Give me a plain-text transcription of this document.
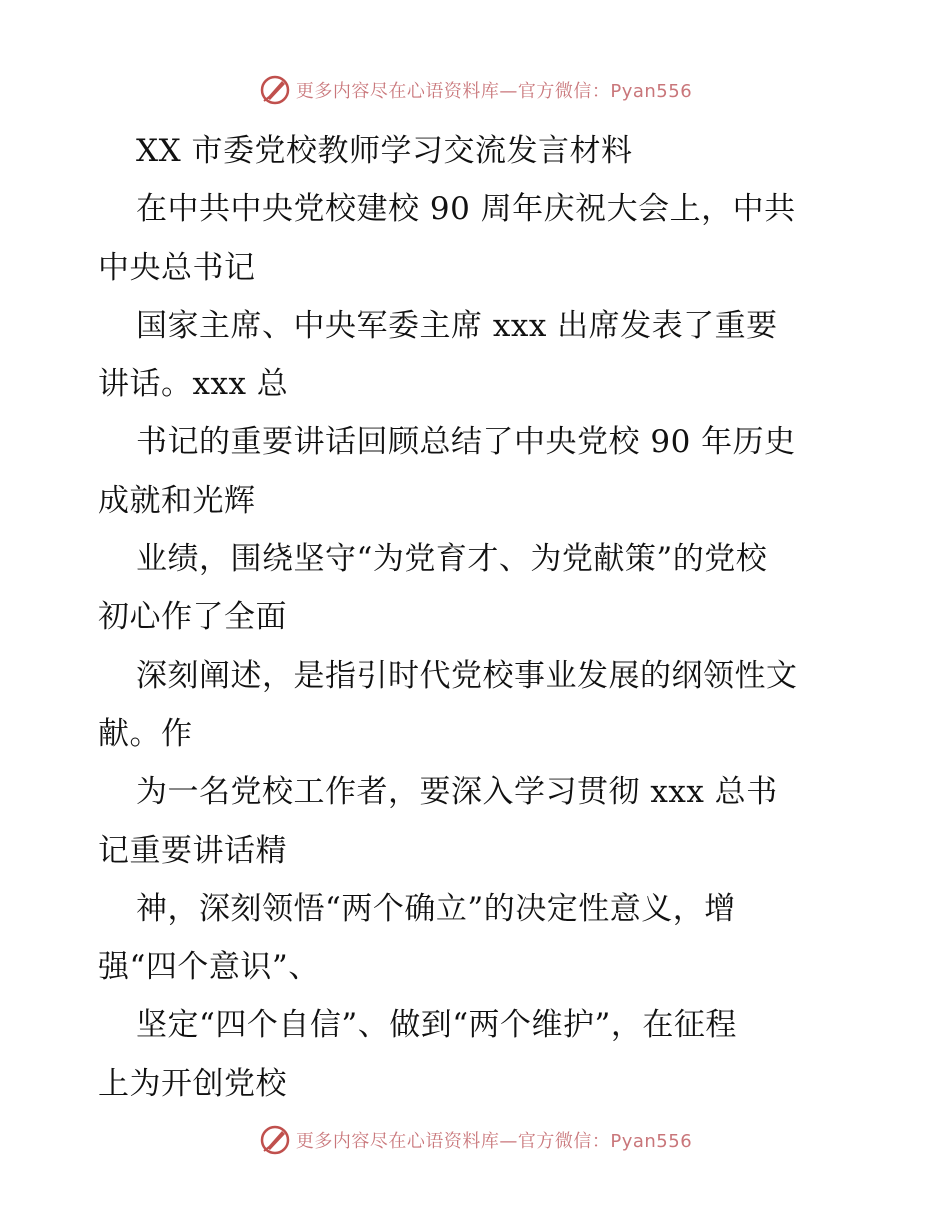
更多内容尽在心语资料库—官方微信：Pyan556
XX 市委党校教师学习交流发言材料
在中共中央党校建校 90 周年庆祝大会上，中共
中央总书记
国家主席、中央军委主席 xxx 出席发表了重要
讲话。xxx 总
书记的重要讲话回顾总结了中央党校 90 年历史
成就和光辉
业绩，围绕坚守“为党育才、为党献策”的党校
初心作了全面
深刻阐述，是指引时代党校事业发展的纲领性文
献。作
为一名党校工作者，要深入学习贯彻 xxx 总书
记重要讲话精
神，深刻领悟“两个确立”的决定性意义，增
强“四个意识”、
坚定“四个自信”、做到“两个维护”，在征程
上为开创党校
更多内容尽在心语资料库—官方微信：Pyan556
